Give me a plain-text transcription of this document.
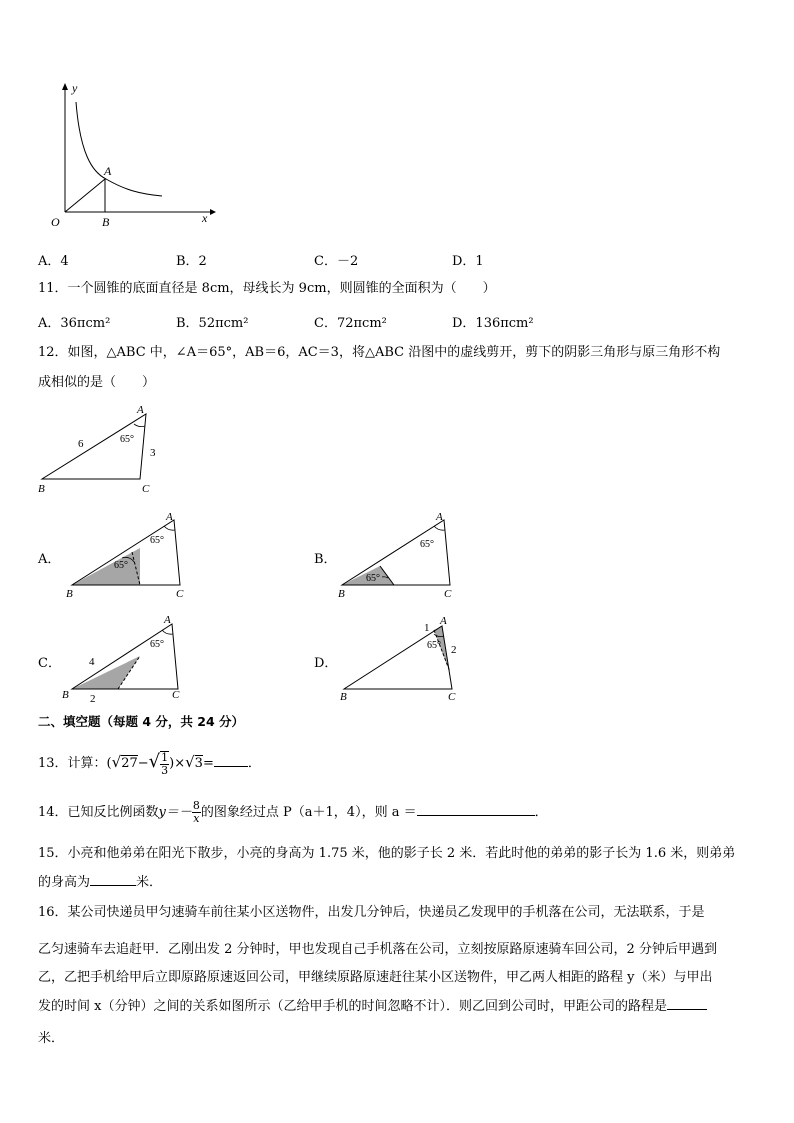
y
x
O
A
B
A．4	B．2	C．－2	D．1
11．一个圆锥的底面直径是 8cm，母线长为 9cm，则圆锥的全面积为（　　）
A．36πcm²	B．52πcm²	C．72πcm²	D．136πcm²
12．如图，△ABC 中，∠A＝65°，AB＝6，AC＝3，将△ABC 沿图中的虚线剪开，剪下的阴影三角形与原三角形不构
成相似的是（　　）
A
B	C
6
3
65°
A．
A
B	C
65°
65°	B．
A
B	C
65°
65°
C．
A
B	C
65°
4
2
D．
A
B	C
65°
1
2
二、填空题（每题 4 分，共 24 分）
13．计算：$(√27-√ \frac{1}{3} )\times√3=$	．
14．已知反比例函数$y=- \frac{8}{x}$ 的图象经过点 P（a＋1，4），则 a ＝	．
15．小亮和他弟弟在阳光下散步，小亮的身高为 1.75 米，他的影子长 2 米．若此时他的弟弟的影子长为 1.6 米，则弟弟
的身高为	米．
16．某公司快递员甲匀速骑车前往某小区送物件，出发几分钟后，快递员乙发现甲的手机落在公司，无法联系，于是
乙匀速骑车去追赶甲．乙刚出发 2 分钟时，甲也发现自己手机落在公司，立刻按原路原速骑车回公司，2 分钟后甲遇到
乙，乙把手机给甲后立即原路原速返回公司，甲继续原路原速赶往某小区送物件，甲乙两人相距的路程 y（米）与甲出
发的时间 x（分钟）之间的关系如图所示（乙给甲手机的时间忽略不计）．则乙回到公司时，甲距公司的路程是
米．
